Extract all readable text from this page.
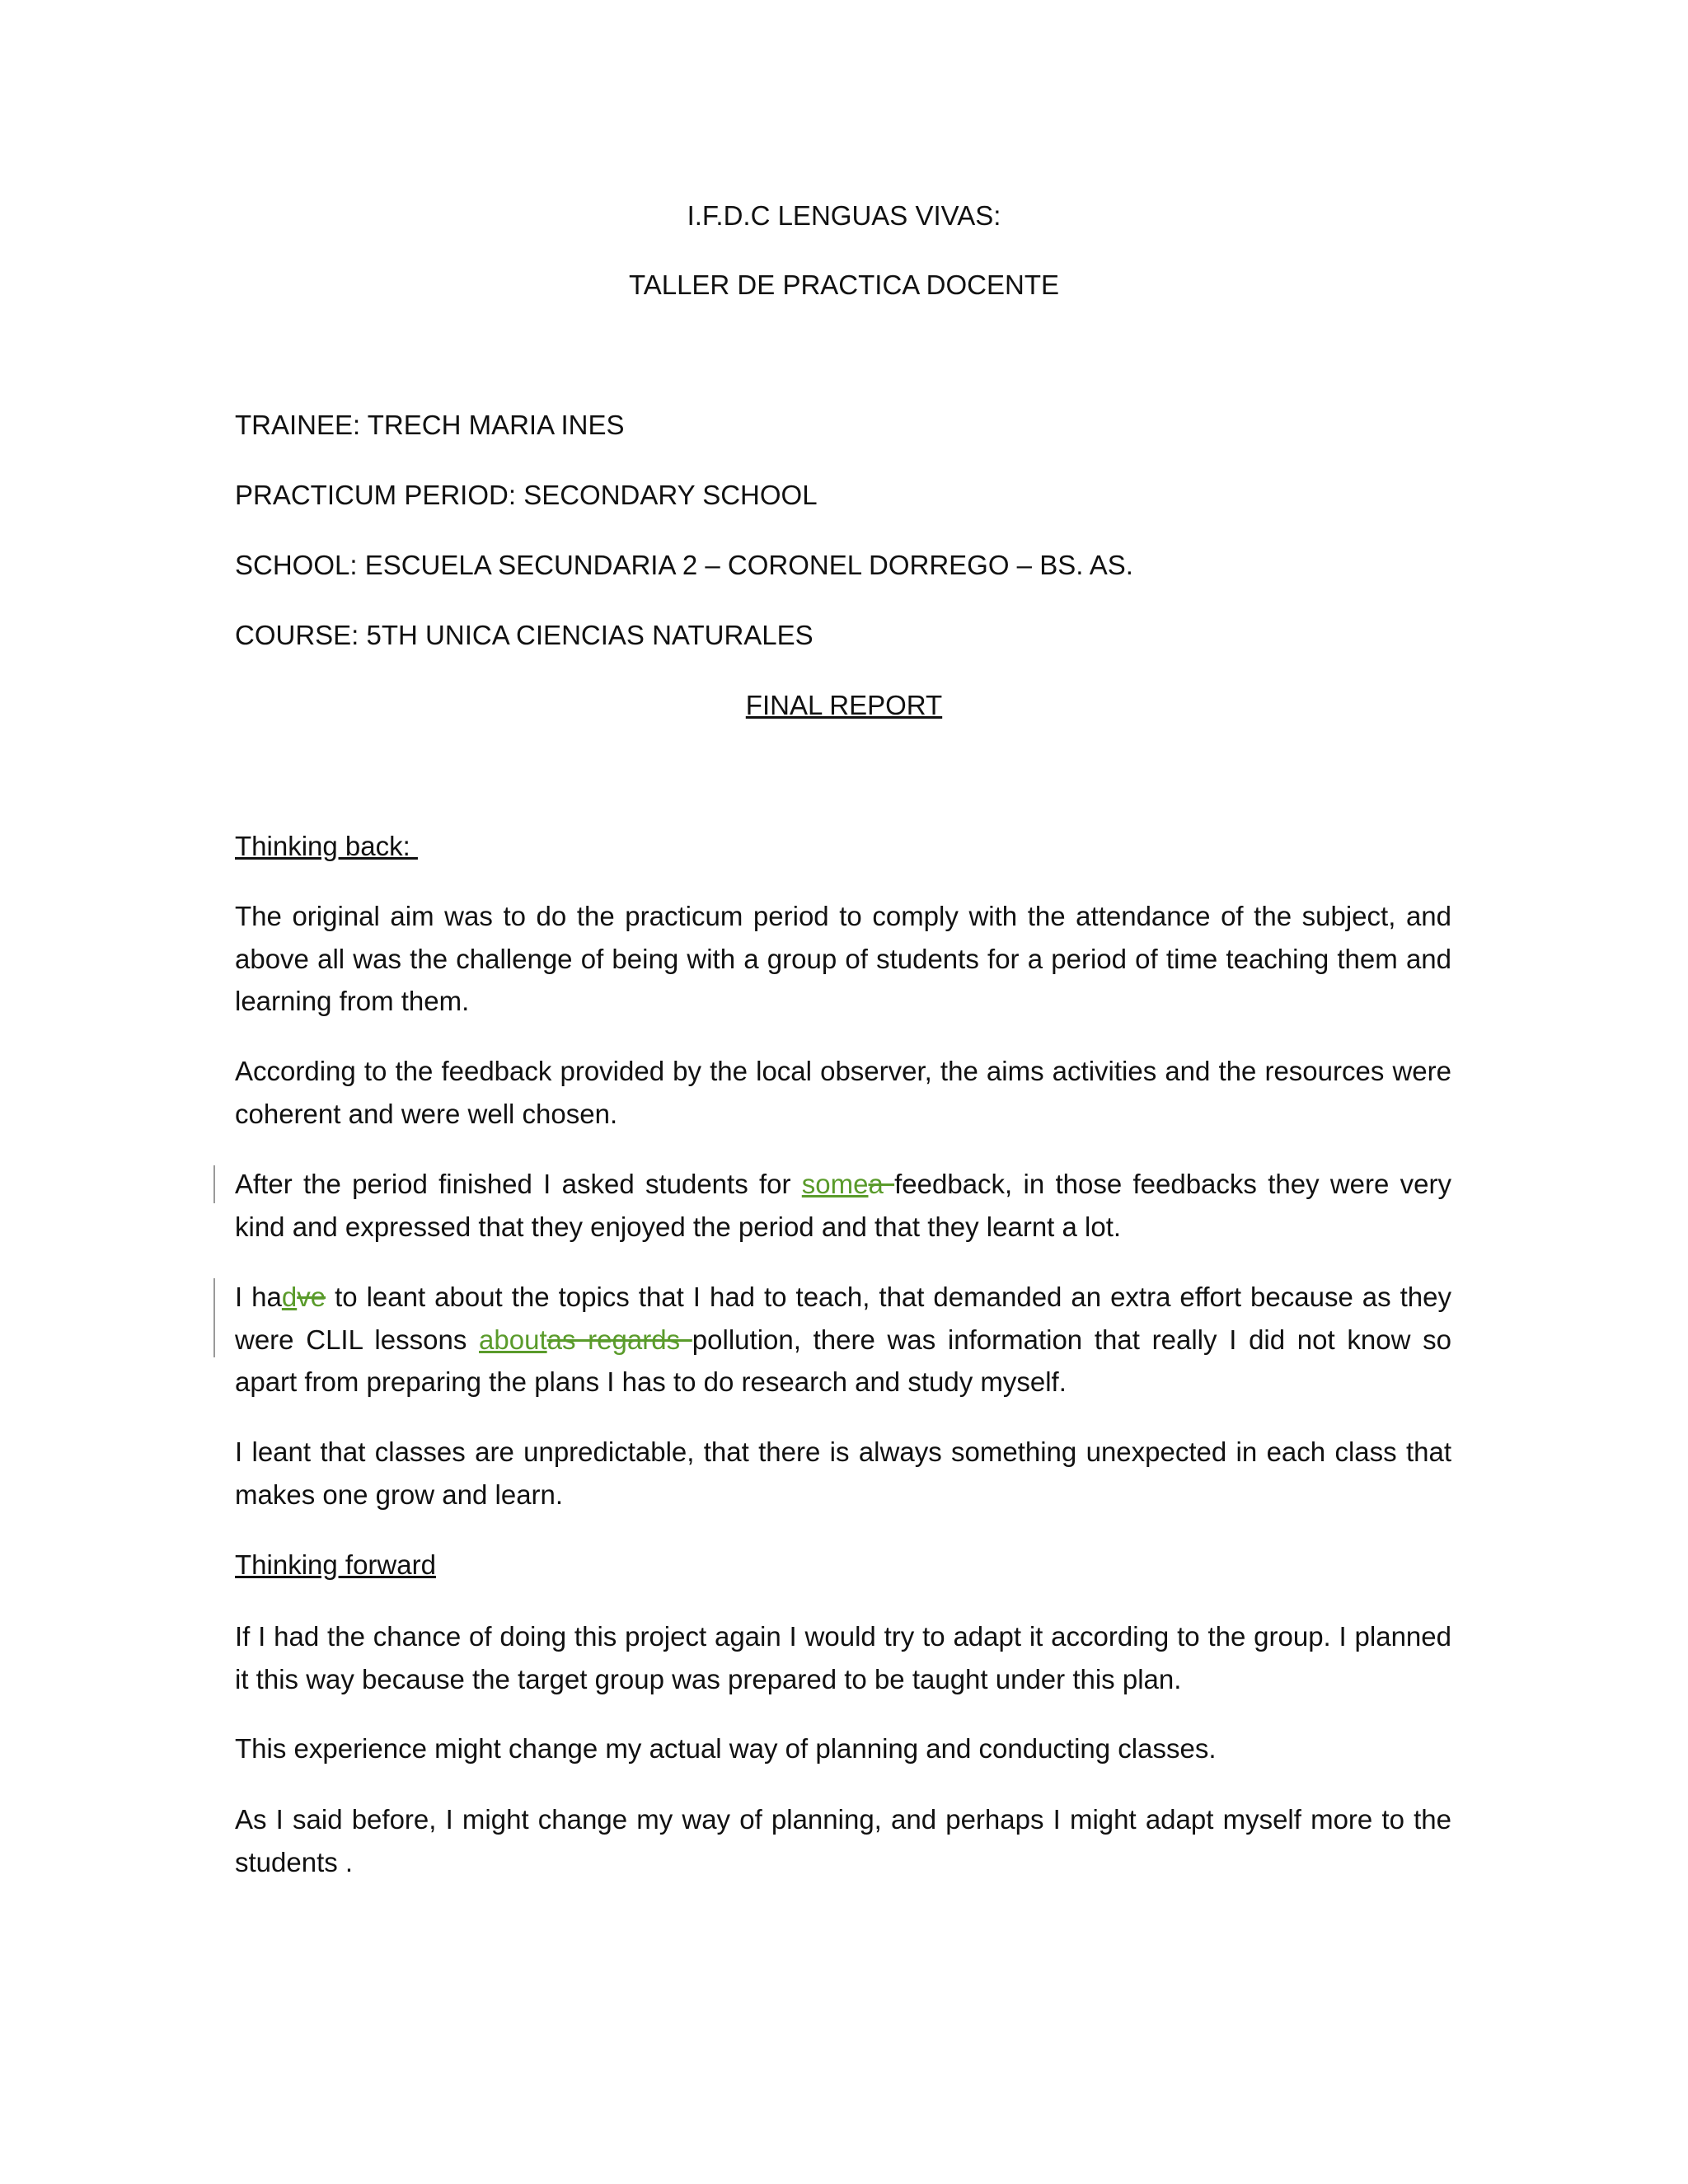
I.F.D.C LENGUAS VIVAS:
TALLER DE PRACTICA DOCENTE
TRAINEE: TRECH MARIA INES
PRACTICUM PERIOD: SECONDARY SCHOOL
SCHOOL: ESCUELA SECUNDARIA 2 – CORONEL DORREGO – BS. AS.
COURSE: 5TH UNICA CIENCIAS NATURALES
FINAL REPORT
Thinking back:
The original aim was to do the practicum period to comply with the attendance of the subject, and above all was the challenge of being with a group of students for a period of time teaching them and learning from them.
According to the feedback provided by the local observer, the aims activities and the resources were coherent and were well chosen.
After the period finished I asked students for somea feedback, in those feedbacks they were very kind and expressed that they enjoyed the period and that they learnt a lot.
I hadve to leant about the topics that I had to teach, that demanded an extra effort because as they were CLIL lessons aboutas regards pollution, there was information that really I did not know so apart from preparing the plans I has to do research and study myself.
I leant that classes are unpredictable, that there is always something unexpected in each class that makes one grow and learn.
Thinking forward
If I had the chance of doing this project again I would try to adapt it according to the group. I planned it this way because the target group was prepared to be taught under this plan.
This experience might change my actual way of planning and conducting classes.
As I said before, I might change my way of planning, and perhaps I might adapt myself more to the students .
